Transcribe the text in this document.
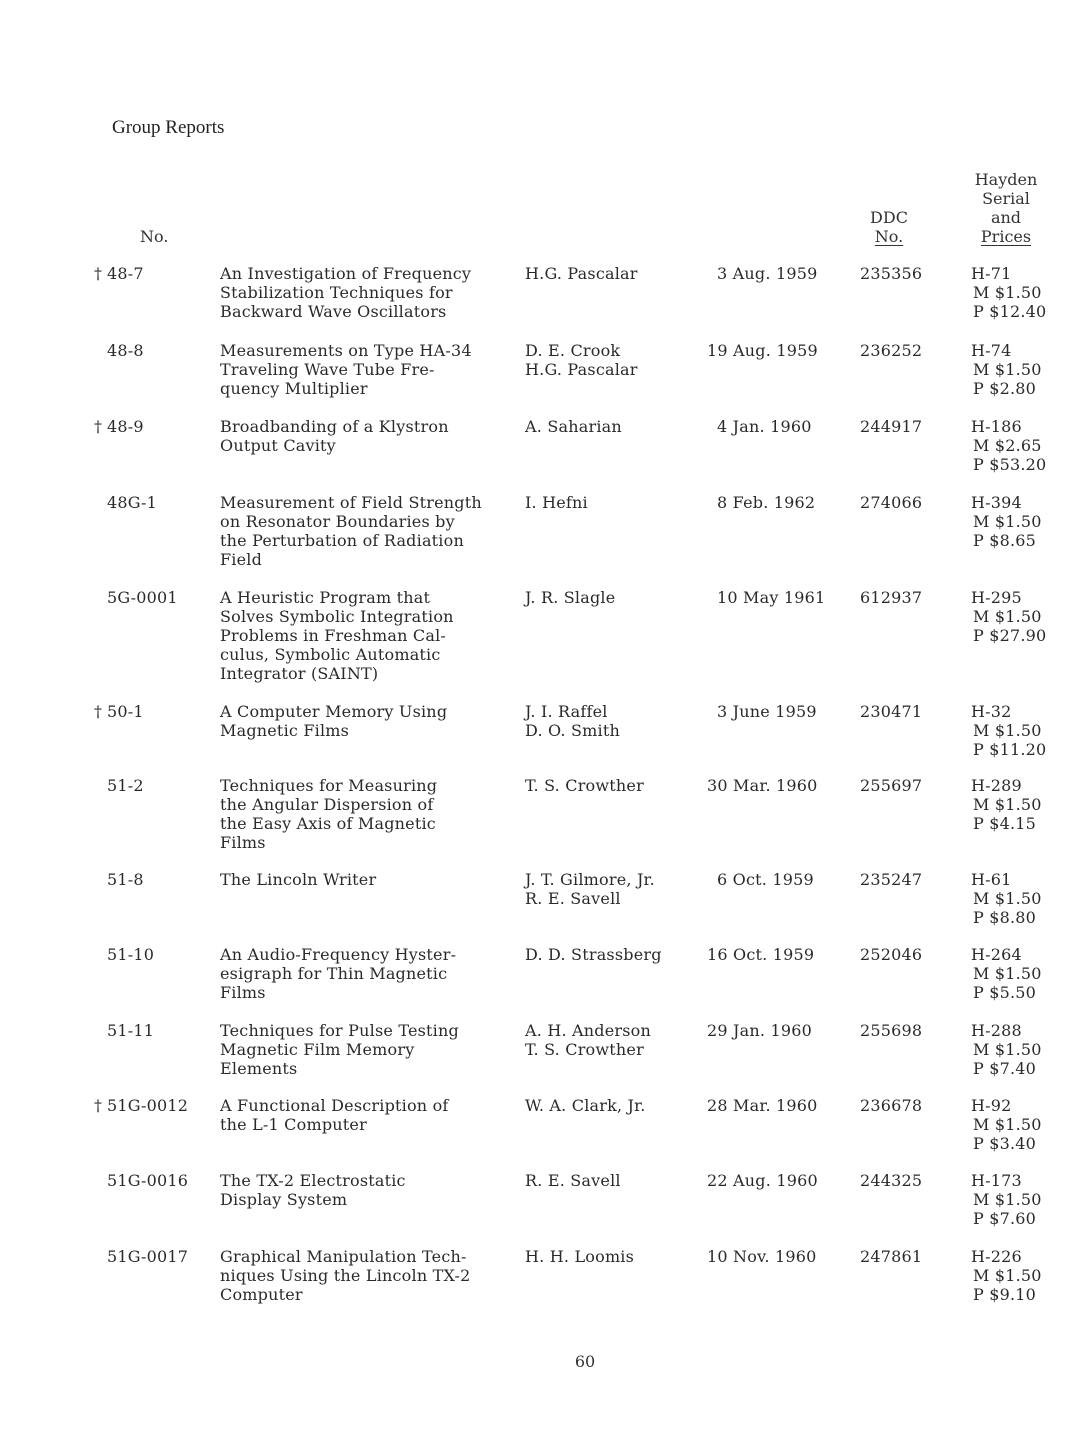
Group Reports
No.
DDC
No.
Hayden
Serial
and
Prices
† 48-7	An Investigation of Frequency
Stabilization Techniques for
Backward Wave Oscillators
H.G. Pascalar	3 Aug. 1959	235356	H-71
M $1.50
P $12.40
48-8	Measurements on Type HA-34
Traveling Wave Tube Fre-
quency Multiplier
D. E. Crook
H.G. Pascalar
19 Aug. 1959	236252	H-74
M $1.50
P $2.80
† 48-9	Broadbanding of a Klystron
Output Cavity
A. Saharian	4 Jan. 1960	244917	H-186
M $2.65
P $53.20
48G-1	Measurement of Field Strength
on Resonator Boundaries by
the Perturbation of Radiation
Field
I. Hefni	8 Feb. 1962	274066	H-394
M $1.50
P $8.65
5G-0001	A Heuristic Program that
Solves Symbolic Integration
Problems in Freshman Cal-
culus, Symbolic Automatic
Integrator (SAINT)
J. R. Slagle	10 May 1961	612937	H-295
M $1.50
P $27.90
† 50-1	A Computer Memory Using
Magnetic Films
J. I. Raffel
D. O. Smith
3 June 1959	230471	H-32
M $1.50
P $11.20
51-2	Techniques for Measuring
the Angular Dispersion of
the Easy Axis of Magnetic
Films
T. S. Crowther	30 Mar. 1960	255697	H-289
M $1.50
P $4.15
51-8	The Lincoln Writer	J. T. Gilmore, Jr.
R. E. Savell
6 Oct. 1959	235247	H-61
M $1.50
P $8.80
51-10	An Audio-Frequency Hyster-
esigraph for Thin Magnetic
Films
D. D. Strassberg	16 Oct. 1959	252046	H-264
M $1.50
P $5.50
51-11	Techniques for Pulse Testing
Magnetic Film Memory
Elements
A. H. Anderson
T. S. Crowther
29 Jan. 1960	255698	H-288
M $1.50
P $7.40
† 51G-0012	A Functional Description of
the L-1 Computer
W. A. Clark, Jr.	28 Mar. 1960	236678	H-92
M $1.50
P $3.40
51G-0016	The TX-2 Electrostatic
Display System
R. E. Savell	22 Aug. 1960	244325	H-173
M $1.50
P $7.60
51G-0017	Graphical Manipulation Tech-
niques Using the Lincoln TX-2
Computer
H. H. Loomis	10 Nov. 1960	247861	H-226
M $1.50
P $9.10
60
